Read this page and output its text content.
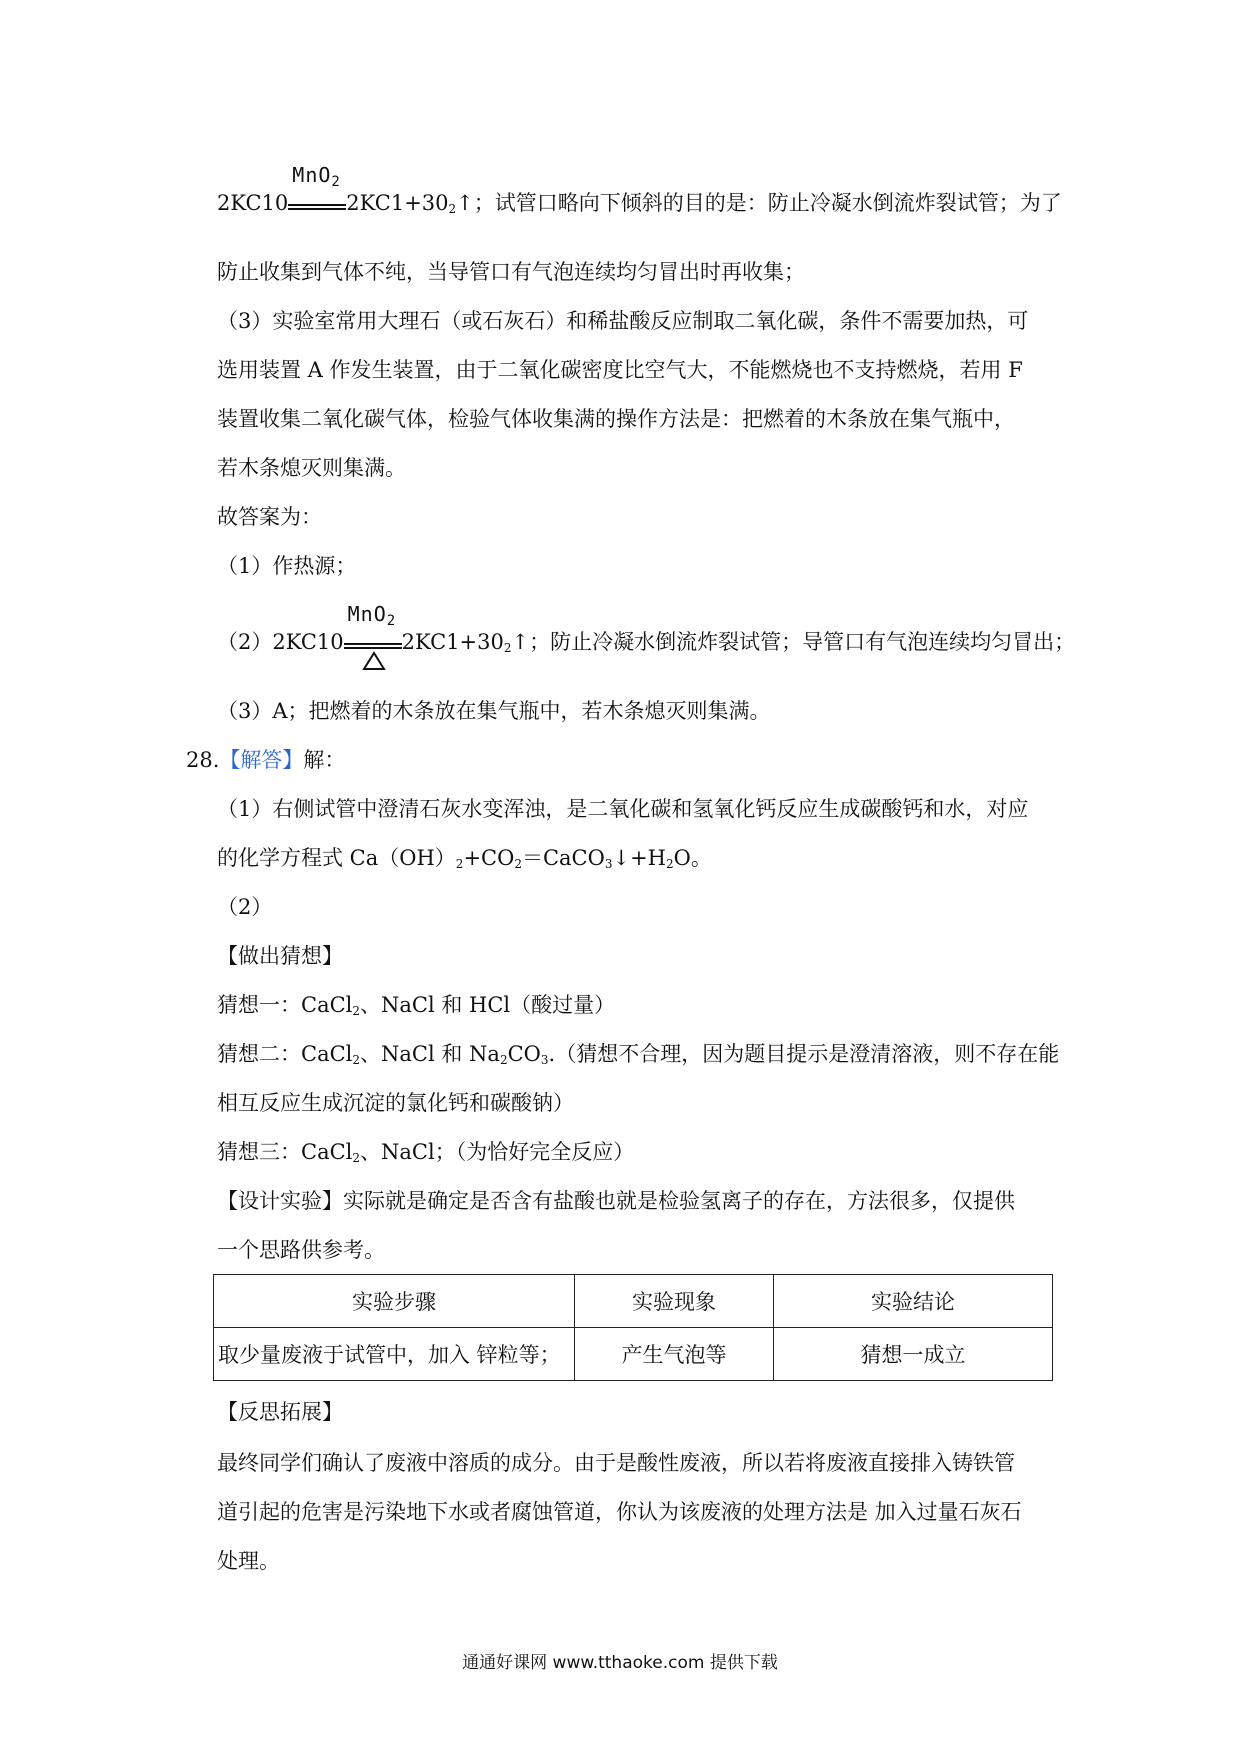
2KC10
MnO$_2$
$2KC1+30_2↑$；试管口略向下倾斜的目的是：防止冷凝水倒流炸裂试管；为了
防止收集到气体不纯，当导管口有气泡连续均匀冒出时再收集；
（3）实验室常用大理石（或石灰石）和稀盐酸反应制取二氧化碳，条件不需要加热，可
选用装置 A 作发生装置，由于二氧化碳密度比空气大，不能燃烧也不支持燃烧，若用 F
装置收集二氧化碳气体，检验气体收集满的操作方法是：把燃着的木条放在集气瓶中，
若木条熄灭则集满。
故答案为：
（1）作热源；
（2）2KC10
MnO$_2$
$2KC1+30_2↑$；防止冷凝水倒流炸裂试管；导管口有气泡连续均匀冒出；
（3）A；把燃着的木条放在集气瓶中，若木条熄灭则集满。
28.【解答】解：
（1）右侧试管中澄清石灰水变浑浊，是二氧化碳和氢氧化钙反应生成碳酸钙和水，对应
的化学方程式 $Ca(OH)_2+CO_2=CaCO_3↓+H_2O$。
（2）
【做出猜想】
猜想一：CaCl$_2$、NaCl 和 HCl（酸过量）
猜想二：CaCl$_2$、NaCl 和 $Na_2CO_3$.（猜想不合理，因为题目提示是澄清溶液，则不存在能
相互反应生成沉淀的氯化钙和碳酸钠）
猜想三：CaCl$_2$、NaCl；（为恰好完全反应）
【设计实验】实际就是确定是否含有盐酸也就是检验氢离子的存在，方法很多，仅提供
一个思路供参考。
实验步骤	实验现象	实验结论
取少量废液于试管中，加入 锌粒等；	产生气泡等	猜想一成立
【反思拓展】
最终同学们确认了废液中溶质的成分。由于是酸性废液，所以若将废液直接排入铸铁管
道引起的危害是污染地下水或者腐蚀管道，你认为该废液的处理方法是 加入过量石灰石
处理。
通通好课网 www.tthaoke.com 提供下载
